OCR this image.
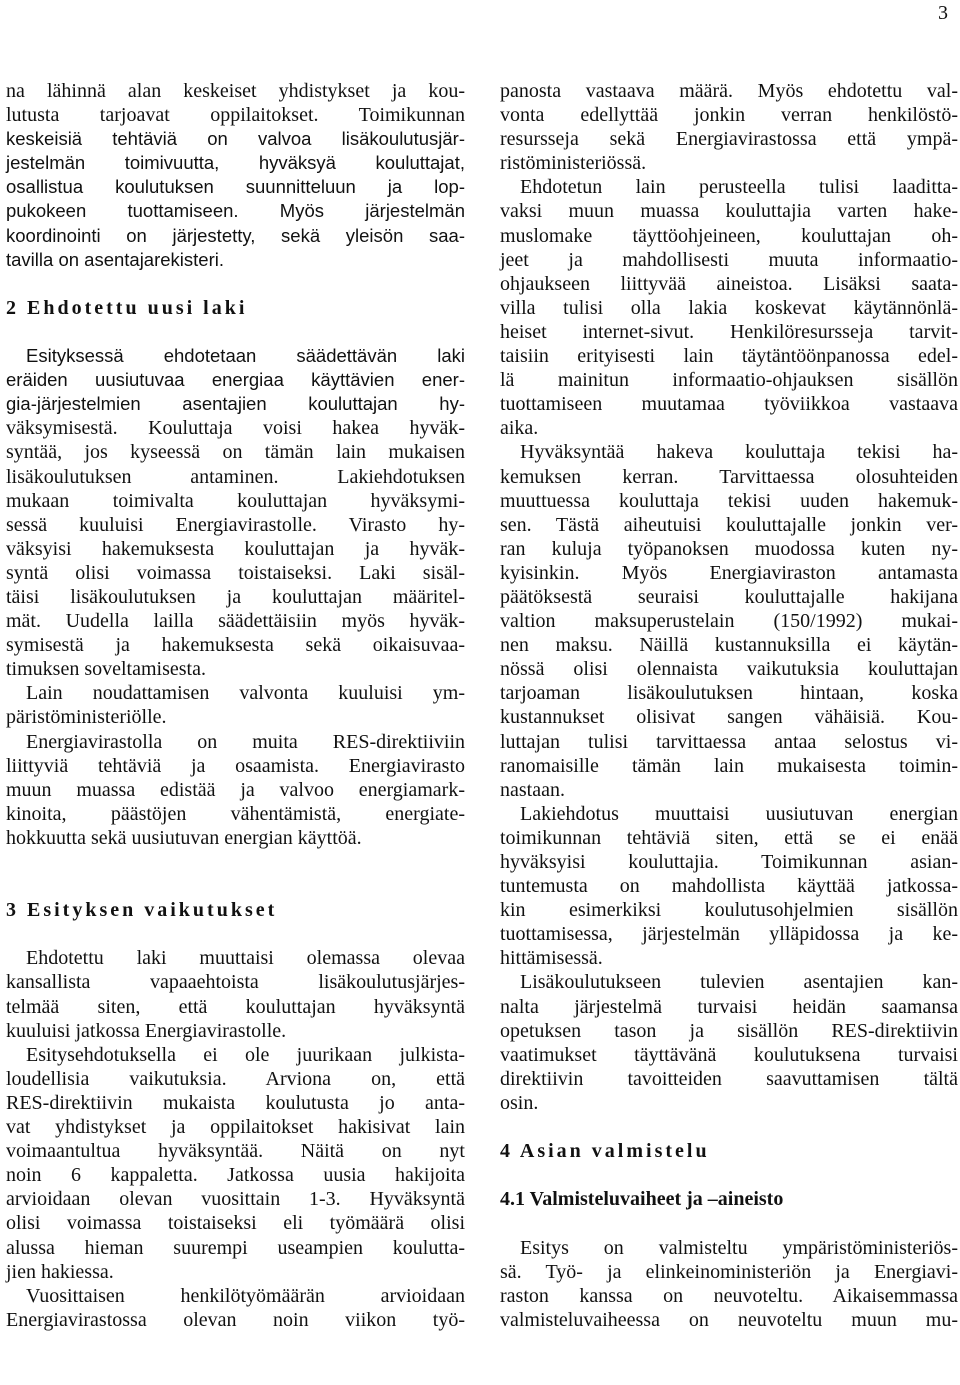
3
na lähinnä alan keskeiset yhdistykset ja kou-
lutusta tarjoavat oppilaitokset. Toimikunnan
keskeisiä tehtäviä on valvoa lisäkoulutusjär-
jestelmän toimivuutta, hyväksyä kouluttajat,
osallistua koulutuksen suunnitteluun ja lop-
pukokeen tuottamiseen. Myös järjestelmän
koordinointi on järjestetty, sekä yleisön saa-
tavilla on asentajarekisteri.
2 Ehdotettu uusi laki
Esityksessä ehdotetaan säädettävän laki
eräiden uusiutuvaa energiaa käyttävien ener-
gia-järjestelmien asentajien kouluttajan hy-
väksymisestä. Kouluttaja voisi hakea hyväk-
syntää, jos kyseessä on tämän lain mukaisen
lisäkoulutuksen antaminen. Lakiehdotuksen
mukaan toimivalta kouluttajan hyväksymi-
sessä kuuluisi Energiavirastolle. Virasto hy-
väksyisi hakemuksesta kouluttajan ja hyväk-
syntä olisi voimassa toistaiseksi. Laki sisäl-
täisi lisäkoulutuksen ja kouluttajan määritel-
mät. Uudella lailla säädettäisiin myös hyväk-
symisestä ja hakemuksesta sekä oikaisuvaa-
timuksen soveltamisesta.
Lain noudattamisen valvonta kuuluisi ym-
päristöministeriölle.
Energiavirastolla on muita RES-direktiiviin
liittyviä tehtäviä ja osaamista. Energiavirasto
muun muassa edistää ja valvoo energiamark-
kinoita, päästöjen vähentämistä, energiate-
hokkuutta sekä uusiutuvan energian käyttöä.
3 Esityksen vaikutukset
Ehdotettu laki muuttaisi olemassa olevaa
kansallista vapaaehtoista lisäkoulutusjärjes-
telmää siten, että kouluttajan hyväksyntä
kuuluisi jatkossa Energiavirastolle.
Esitysehdotuksella ei ole juurikaan julkista-
loudellisia vaikutuksia. Arviona on, että
RES-direktiivin mukaista koulutusta jo anta-
vat yhdistykset ja oppilaitokset hakisivat lain
voimaantultua hyväksyntää. Näitä on nyt
noin 6 kappaletta. Jatkossa uusia hakijoita
arvioidaan olevan vuosittain 1-3. Hyväksyntä
olisi voimassa toistaiseksi eli työmäärä olisi
alussa hieman suurempi useampien koulutta-
jien hakiessa.
Vuosittaisen henkilötyömäärän arvioidaan
Energiavirastossa olevan noin viikon työ-
panosta vastaava määrä. Myös ehdotettu val-
vonta edellyttää jonkin verran henkilöstö-
resursseja sekä Energiavirastossa että ympä-
ristöministeriössä.
Ehdotetun lain perusteella tulisi laadittа-
vaksi muun muassa kouluttajia varten hake-
muslomake täyttöohjeineen, kouluttajan oh-
jeet ja mahdollisesti muuta informaatio-
ohjaukseen liittyvää aineistoa. Lisäksi saata-
villa tulisi olla lakia koskevat käytännönlä-
heiset internet-sivut. Henkilöresursseja tarvit-
taisiin erityisesti lain täytäntöönpanossa edel-
lä mainitun informaatio-ohjauksen sisällön
tuottamiseen muutamaa työviikkoa vastaava
aika.
Hyväksyntää hakeva kouluttaja tekisi ha-
kemuksen kerran. Tarvittaessa olosuhteiden
muuttuessa kouluttaja tekisi uuden hakemuk-
sen. Tästä aiheutuisi kouluttajalle jonkin ver-
ran kuluja työpanoksen muodossa kuten ny-
kyisinkin. Myös Energiaviraston antamasta
päätöksestä seuraisi kouluttajalle hakijana
valtion maksuperustelain (150/1992) mukai-
nen maksu. Näillä kustannuksilla ei käytän-
nössä olisi olennaista vaikutuksia kouluttajan
tarjoaman lisäkoulutuksen hintaan, koska
kustannukset olisivat sangen vähäisiä. Kou-
luttajan tulisi tarvittaessa antaa selostus vi-
ranomaisille tämän lain mukaisesta toimin-
nastaan.
Lakiehdotus muuttaisi uusiutuvan energian
toimikunnan tehtäviä siten, että se ei enää
hyväksyisi kouluttajia. Toimikunnan asian-
tuntemusta on mahdollista käyttää jatkossa-
kin esimerkiksi koulutusohjelmien sisällön
tuottamisessa, järjestelmän ylläpidossa ja ke-
hittämisessä.
Lisäkoulutukseen tulevien asentajien kan-
nalta järjestelmä turvaisi heidän saamansa
opetuksen tason ja sisällön RES-direktiivin
vaatimukset täyttävänä koulutuksena turvaisi
direktiivin tavoitteiden saavuttamisen tältä
osin.
4 Asian valmistelu
4.1 Valmisteluvaiheet ja –aineisto
Esitys on valmisteltu ympäristöministeriös-
sä. Työ- ja elinkeinoministeriön ja Energiavi-
raston kanssa on neuvoteltu. Aikaisemmassa
valmisteluvaiheessa on neuvoteltu muun mu-
